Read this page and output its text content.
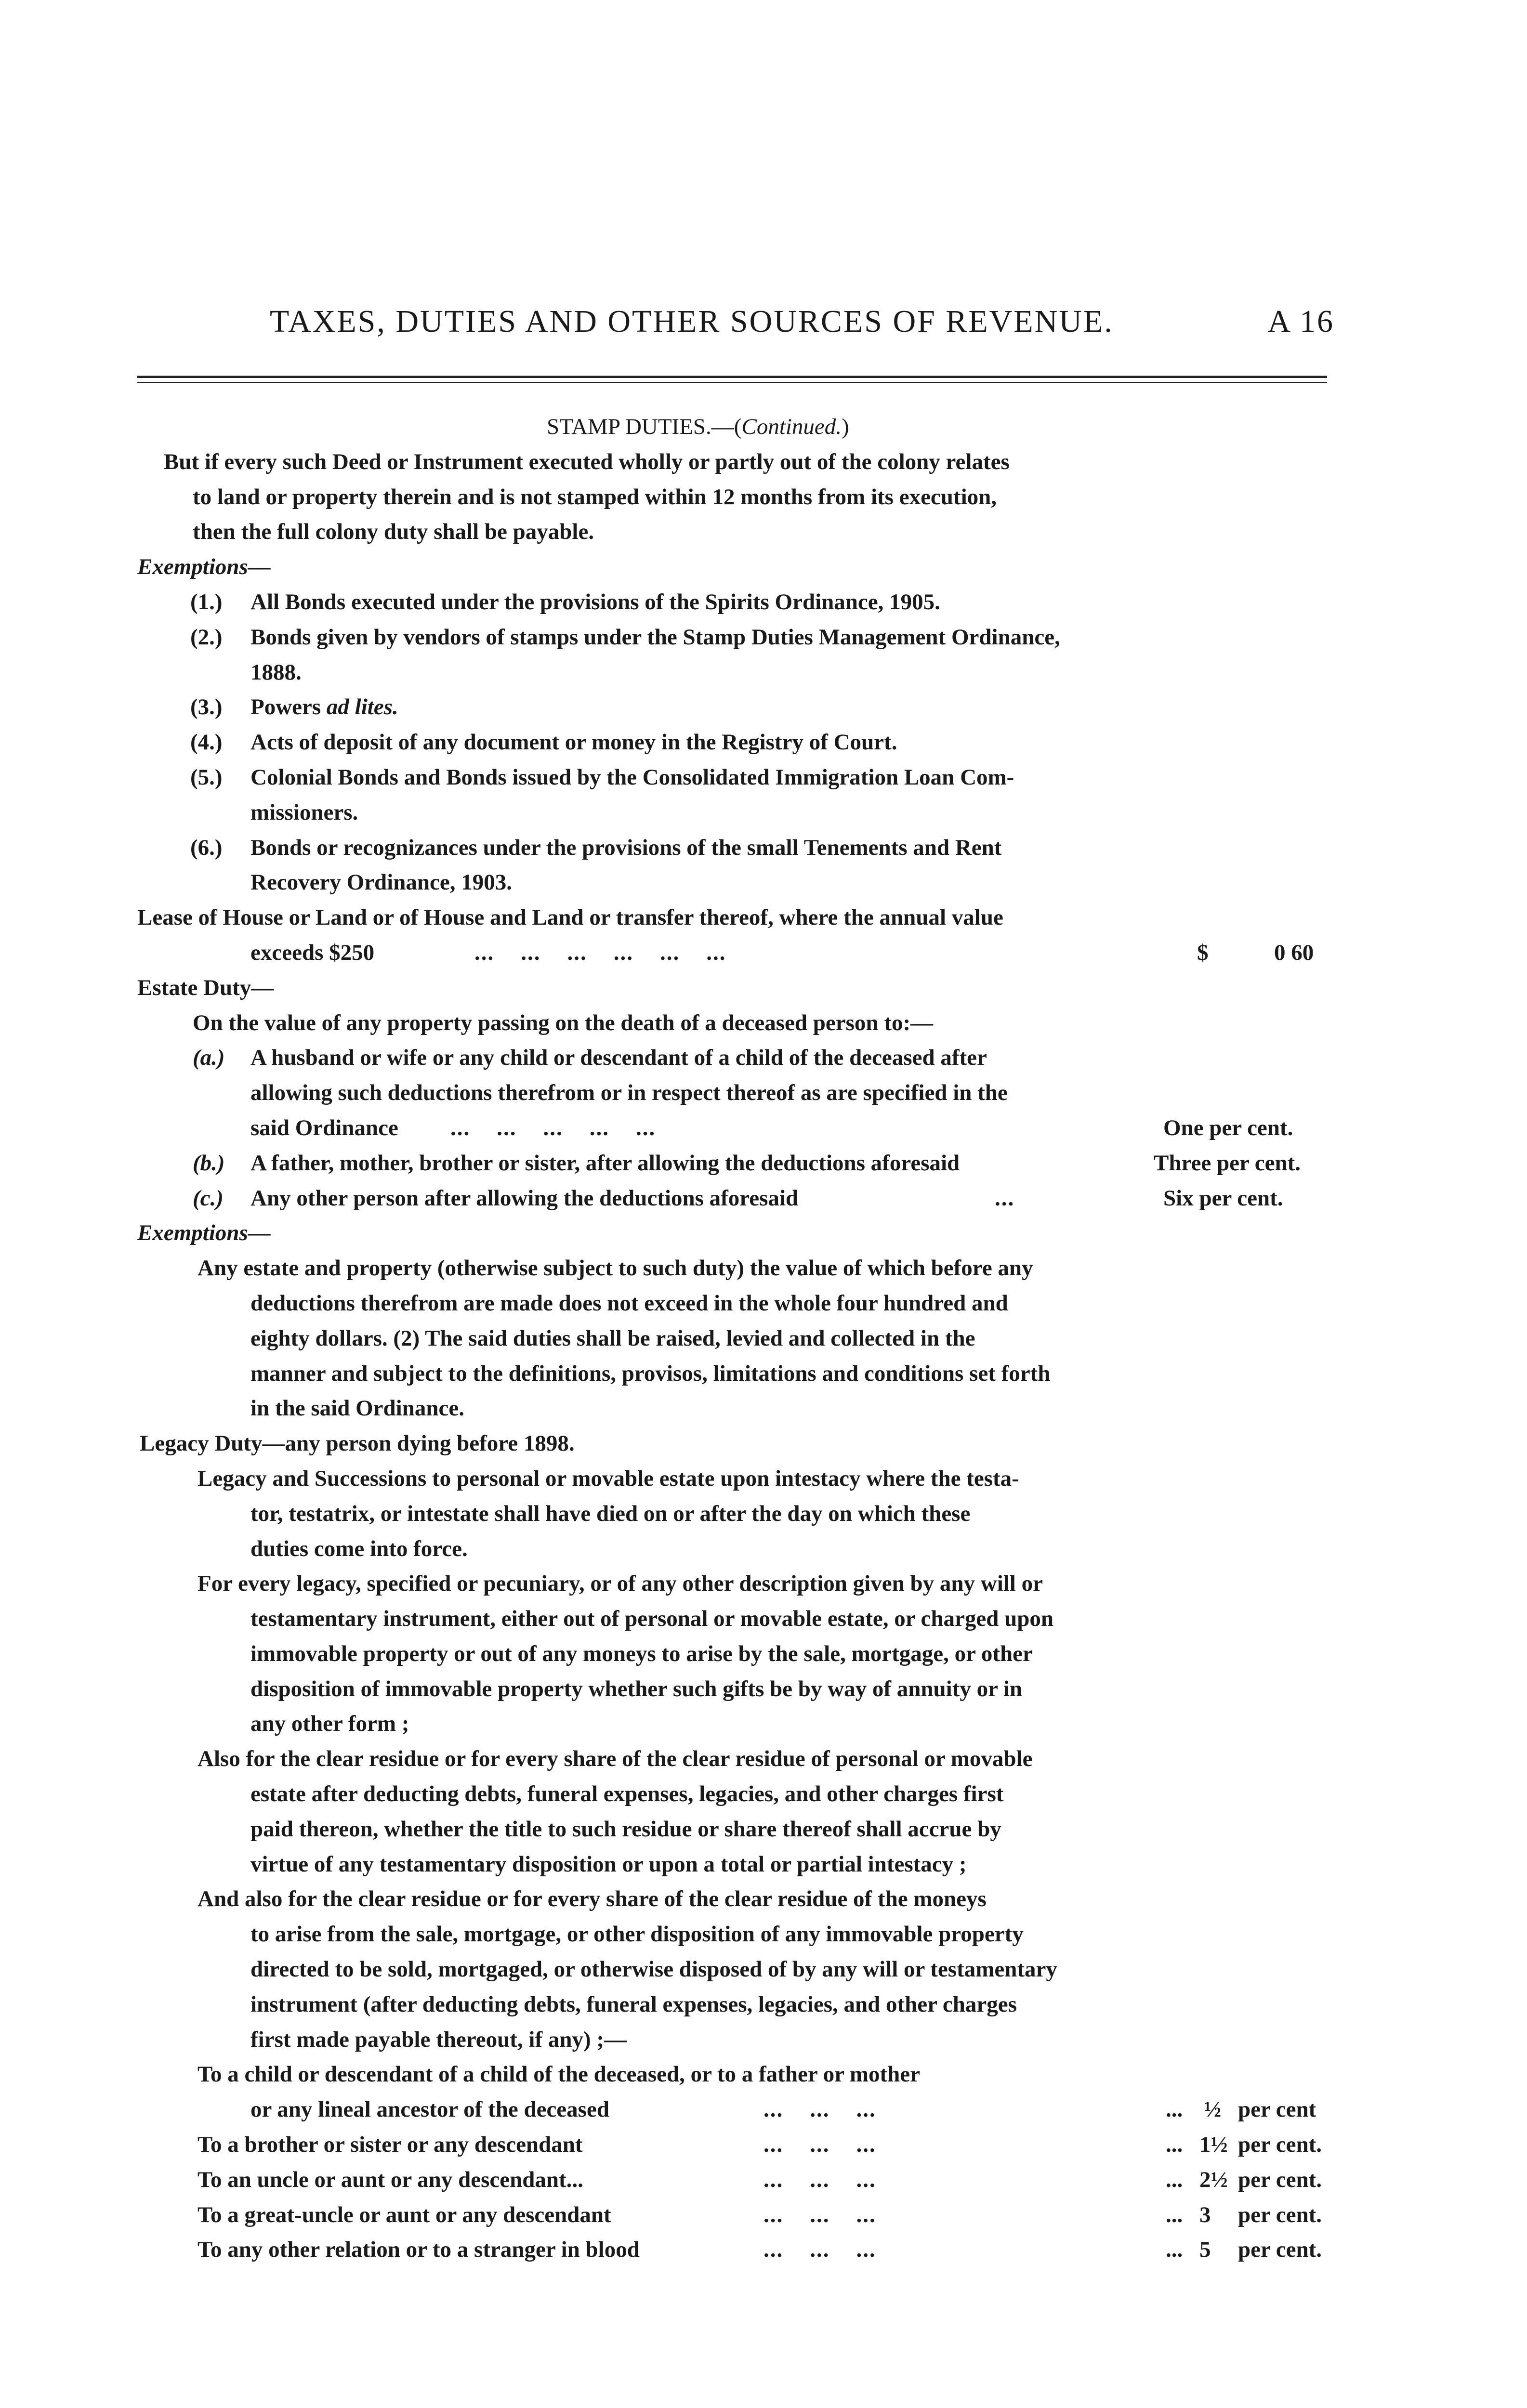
TAXES, DUTIES AND OTHER SOURCES OF REVENUE.	A 16
STAMP DUTIES.—(Continued.)
But if every such Deed or Instrument executed wholly or partly out of the colony relates
to land or property therein and is not stamped within 12 months from its execution,
then the full colony duty shall be payable.
Exemptions—
(1.) All Bonds executed under the provisions of the Spirits Ordinance, 1905.
(2.) Bonds given by vendors of stamps under the Stamp Duties Management Ordinance,
1888.
(3.) Powers ad lites.
(4.) Acts of deposit of any document or money in the Registry of Court.
(5.) Colonial Bonds and Bonds issued by the Consolidated Immigration Loan Com-
missioners.
(6.) Bonds or recognizances under the provisions of the small Tenements and Rent
Recovery Ordinance, 1903.
Lease of House or Land or of House and Land or transfer thereof, where the annual value
exceeds $250	...    ...    ...    ...    ...    ...	$	0 60
Estate Duty—
On the value of any property passing on the death of a deceased person to:—
(a.) A husband or wife or any child or descendant of a child of the deceased after
allowing such deductions therefrom or in respect thereof as are specified in the
said Ordinance ...    ...    ...    ...    ...	One per cent.
(b.) A father, mother, brother or sister, after allowing the deductions aforesaid	Three per cent.
(c.) Any other person after allowing the deductions aforesaid	...	Six per cent.
Exemptions—
Any estate and property (otherwise subject to such duty) the value of which before any
deductions therefrom are made does not exceed in the whole four hundred and
eighty dollars. (2) The said duties shall be raised, levied and collected in the
manner and subject to the definitions, provisos, limitations and conditions set forth
in the said Ordinance.
Legacy Duty—any person dying before 1898.
Legacy and Successions to personal or movable estate upon intestacy where the testa-
tor, testatrix, or intestate shall have died on or after the day on which these
duties come into force.
For every legacy, specified or pecuniary, or of any other description given by any will or
testamentary instrument, either out of personal or movable estate, or charged upon
immovable property or out of any moneys to arise by the sale, mortgage, or other
disposition of immovable property whether such gifts be by way of annuity or in
any other form ;
Also for the clear residue or for every share of the clear residue of personal or movable
estate after deducting debts, funeral expenses, legacies, and other charges first
paid thereon, whether the title to such residue or share thereof shall accrue by
virtue of any testamentary disposition or upon a total or partial intestacy ;
And also for the clear residue or for every share of the clear residue of the moneys
to arise from the sale, mortgage, or other disposition of any immovable property
directed to be sold, mortgaged, or otherwise disposed of by any will or testamentary
instrument (after deducting debts, funeral expenses, legacies, and other charges
first made payable thereout, if any) ;—
To a child or descendant of a child of the deceased, or to a father or mother
or any lineal ancestor of the deceased	...    ...    ...	... ½ per cent
To a brother or sister or any descendant	...    ...    ...	... 1½ per cent.
To an uncle or aunt or any descendant...	...    ...    ...	... 2½ per cent.
To a great-uncle or aunt or any descendant	...    ...    ...	... 3 per cent.
To any other relation or to a stranger in blood	...    ...    ...	... 5 per cent.
